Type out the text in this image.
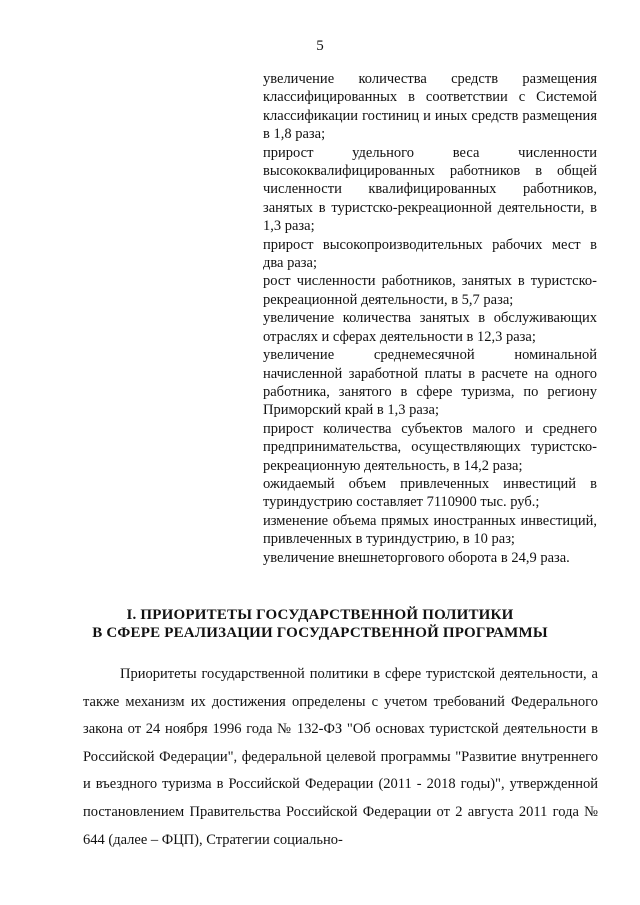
5

увеличение количества средств размещения классифицированных в соответствии с Системой классификации гостиниц и иных средств размещения в 1,8 раза;

прирост удельного веса численности высококвалифицированных работников в общей численности квалифицированных работников, занятых в туристско-рекреационной деятельности, в 1,3 раза;

прирост высокопроизводительных рабочих мест в два раза;

рост численности работников, занятых в туристско-рекреационной деятельности, в 5,7 раза;

увеличение количества занятых в обслуживающих отраслях и сферах деятельности в 12,3 раза;

увеличение среднемесячной номинальной начисленной заработной платы в расчете на одного работника, занятого в сфере туризма, по региону Приморский край в 1,3 раза;

прирост количества субъектов малого и среднего предпринимательства, осуществляющих туристско-рекреационную деятельность, в 14,2 раза;

ожидаемый объем привлеченных инвестиций в туриндустрию составляет 7110900 тыс. руб.;

изменение объема прямых иностранных инвестиций, привлеченных в туриндустрию, в 10 раз;

увеличение внешнеторгового оборота в 24,9 раза.

I. ПРИОРИТЕТЫ ГОСУДАРСТВЕННОЙ ПОЛИТИКИ
В СФЕРЕ РЕАЛИЗАЦИИ ГОСУДАРСТВЕННОЙ ПРОГРАММЫ

Приоритеты государственной политики в сфере туристской деятельности, а также механизм их достижения определены с учетом требований Федерального закона от 24 ноября 1996 года № 132-ФЗ "Об основах туристской деятельности в Российской Федерации", федеральной целевой программы "Развитие внутреннего и въездного туризма в Российской Федерации (2011 - 2018 годы)", утвержденной постановлением Правительства Российской Федерации от 2 августа 2011 года № 644 (далее – ФЦП), Стратегии социально-
